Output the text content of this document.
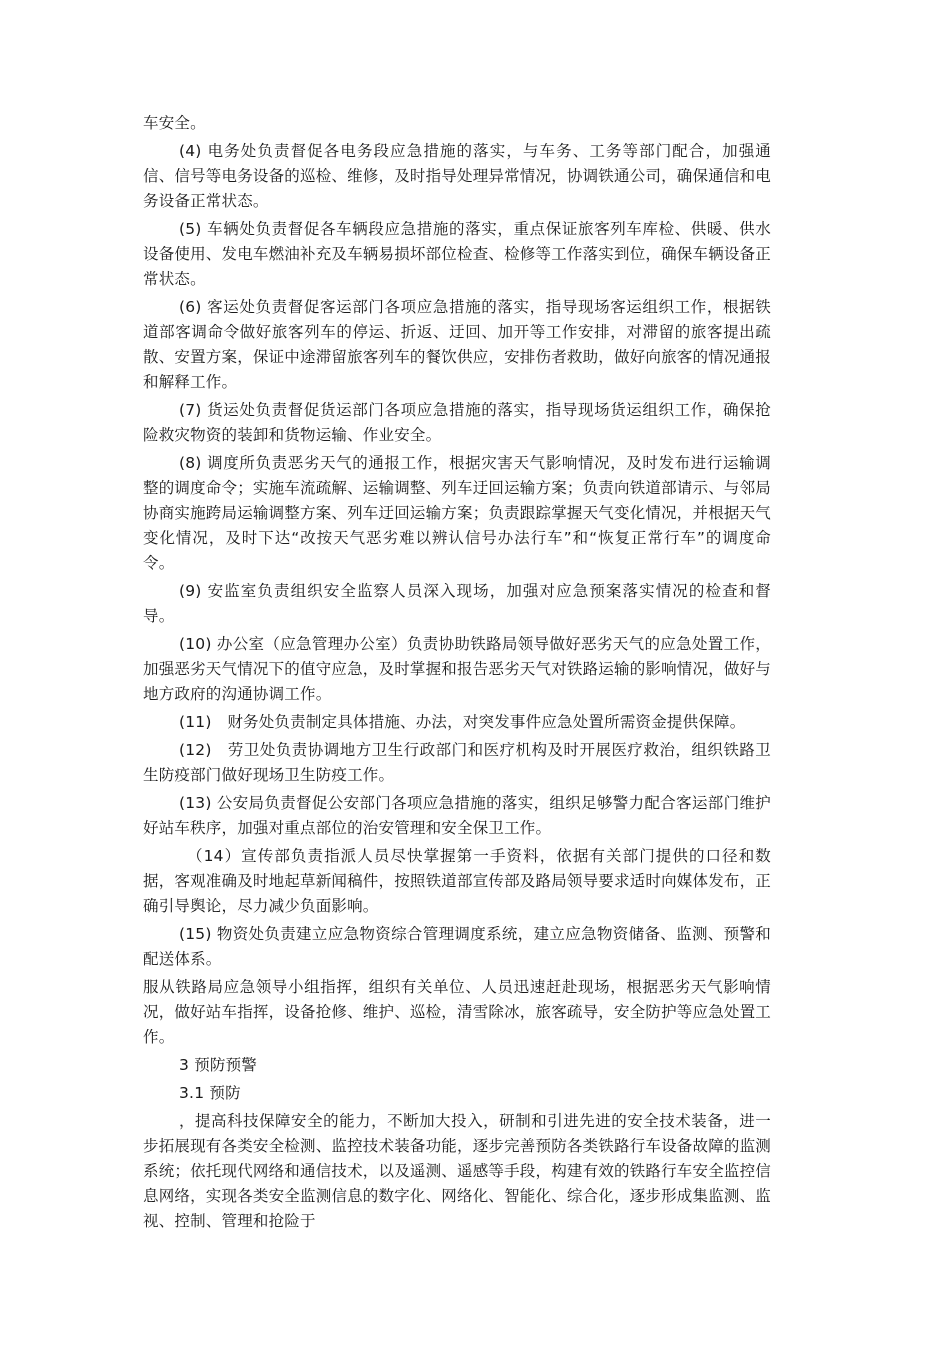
车安全。

(4) 电务处负责督促各电务段应急措施的落实，与车务、工务等部门配合，加强通信、信号等电务设备的巡检、维修，及时指导处理异常情况，协调铁通公司，确保通信和电务设备正常状态。

(5) 车辆处负责督促各车辆段应急措施的落实，重点保证旅客列车库检、供暖、供水设备使用、发电车燃油补充及车辆易损坏部位检查、检修等工作落实到位，确保车辆设备正常状态。

(6) 客运处负责督促客运部门各项应急措施的落实，指导现场客运组织工作，根据铁道部客调命令做好旅客列车的停运、折返、迂回、加开等工作安排，对滞留的旅客提出疏散、安置方案，保证中途滞留旅客列车的餐饮供应，安排伤者救助，做好向旅客的情况通报和解释工作。

(7) 货运处负责督促货运部门各项应急措施的落实，指导现场货运组织工作，确保抢险救灾物资的装卸和货物运输、作业安全。

(8) 调度所负责恶劣天气的通报工作，根据灾害天气影响情况，及时发布进行运输调整的调度命令；实施车流疏解、运输调整、列车迂回运输方案；负责向铁道部请示、与邻局协商实施跨局运输调整方案、列车迂回运输方案；负责跟踪掌握天气变化情况，并根据天气变化情况，及时下达“改按天气恶劣难以辨认信号办法行车”和“恢复正常行车”的调度命令。

(9) 安监室负责组织安全监察人员深入现场，加强对应急预案落实情况的检查和督导。

(10) 办公室（应急管理办公室）负责协助铁路局领导做好恶劣天气的应急处置工作，加强恶劣天气情况下的值守应急，及时掌握和报告恶劣天气对铁路运输的影响情况，做好与地方政府的沟通协调工作。

(11)　财务处负责制定具体措施、办法，对突发事件应急处置所需资金提供保障。

(12)　劳卫处负责协调地方卫生行政部门和医疗机构及时开展医疗救治，组织铁路卫生防疫部门做好现场卫生防疫工作。

(13) 公安局负责督促公安部门各项应急措施的落实，组织足够警力配合客运部门维护好站车秩序，加强对重点部位的治安管理和安全保卫工作。

（14）宣传部负责指派人员尽快掌握第一手资料，依据有关部门提供的口径和数据，客观准确及时地起草新闻稿件，按照铁道部宣传部及路局领导要求适时向媒体发布，正确引导舆论，尽力减少负面影响。

(15) 物资处负责建立应急物资综合管理调度系统，建立应急物资储备、监测、预警和配送体系。

服从铁路局应急领导小组指挥，组织有关单位、人员迅速赶赴现场，根据恶劣天气影响情况，做好站车指挥，设备抢修、维护、巡检，清雪除冰，旅客疏导，安全防护等应急处置工作。

3 预防预警

3.1 预防

，提高科技保障安全的能力，不断加大投入，研制和引进先进的安全技术装备，进一步拓展现有各类安全检测、监控技术装备功能，逐步完善预防各类铁路行车设备故障的监测系统；依托现代网络和通信技术，以及遥测、遥感等手段，构建有效的铁路行车安全监控信息网络，实现各类安全监测信息的数字化、网络化、智能化、综合化，逐步形成集监测、监视、控制、管理和抢险于
